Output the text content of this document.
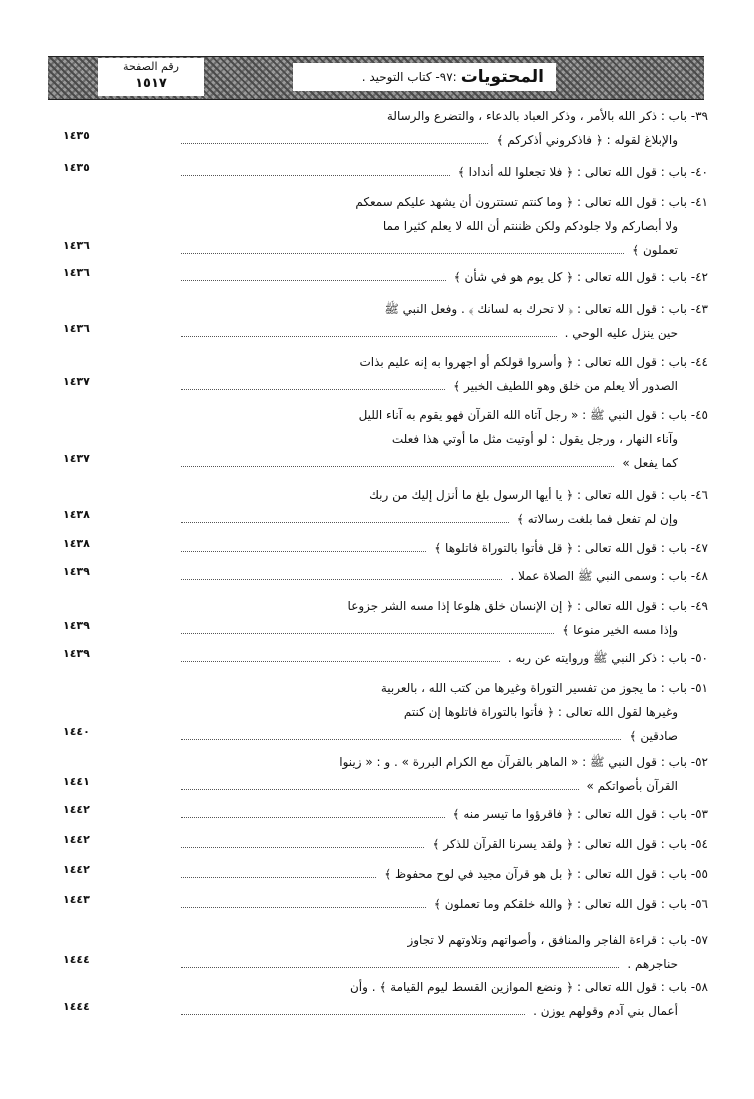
المحتويات
:٩٧- كتاب التوحيد .
رقم الصفحة
١٥١٧
٣٩- باب : ذكر الله بالأمر ، وذكر العباد بالدعاء ، والتضرع والرسالة
والإبلاغ لقوله : ﴿ فاذكروني أذكركم ﴾
١٤٣٥
٤٠- باب : قول الله تعالى : ﴿ فلا تجعلوا لله أندادا ﴾
١٤٣٥
٤١- باب : قول الله تعالى : ﴿ وما كنتم تستترون أن يشهد عليكم سمعكم
ولا أبصاركم ولا جلودكم ولكن ظننتم أن الله لا يعلم كثيرا مما
تعملون ﴾
١٤٣٦
٤٢- باب : قول الله تعالى : ﴿ كل يوم هو في شأن ﴾
١٤٣٦
٤٣- باب : قول الله تعالى : ﴿ لا تحرك به لسانك ﴾ . وفعل النبي ﷺ
حين ينزل عليه الوحي .
١٤٣٦
٤٤- باب : قول الله تعالى : ﴿ وأسروا قولكم أو اجهروا به إنه عليم بذات
الصدور ألا يعلم من خلق وهو اللطيف الخبير ﴾
١٤٣٧
٤٥- باب : قول النبي ﷺ : « رجل آتاه الله القرآن فهو يقوم به آناء الليل
وآناء النهار ، ورجل يقول : لو أوتيت مثل ما أوتي هذا فعلت
كما يفعل »
١٤٣٧
٤٦- باب : قول الله تعالى : ﴿ يا أيها الرسول بلغ ما أنزل إليك من ربك
وإن لم تفعل فما بلغت رسالاته ﴾
١٤٣٨
٤٧- باب : قول الله تعالى : ﴿ قل فأتوا بالتوراة فاتلوها ﴾
١٤٣٨
٤٨- باب : وسمى النبي ﷺ الصلاة عملا .
١٤٣٩
٤٩- باب : قول الله تعالى : ﴿ إن الإنسان خلق هلوعا إذا مسه الشر جزوعا
وإذا مسه الخير منوعا ﴾
١٤٣٩
٥٠- باب : ذكر النبي ﷺ وروايته عن ربه .
١٤٣٩
٥١- باب : ما يجوز من تفسير التوراة وغيرها من كتب الله ، بالعربية
وغيرها لقول الله تعالى : ﴿ فأتوا بالتوراة فاتلوها إن كنتم
صادقين ﴾
١٤٤٠
٥٢- باب : قول النبي ﷺ : « الماهر بالقرآن مع الكرام البررة » . و : « زينوا
القرآن بأصواتكم »
١٤٤١
٥٣- باب : قول الله تعالى : ﴿ فاقرؤوا ما تيسر منه ﴾
١٤٤٢
٥٤- باب : قول الله تعالى : ﴿ ولقد يسرنا القرآن للذكر ﴾
١٤٤٢
٥٥- باب : قول الله تعالى : ﴿ بل هو قرآن مجيد في لوح محفوظ ﴾
١٤٤٢
٥٦- باب : قول الله تعالى : ﴿ والله خلقكم وما تعملون ﴾
١٤٤٣
٥٧- باب : قراءة الفاجر والمنافق ، وأصواتهم وتلاوتهم لا تجاوز
حناجرهم .
١٤٤٤
٥٨- باب : قول الله تعالى : ﴿ ونضع الموازين القسط ليوم القيامة ﴾ . وأن
أعمال بني آدم وقولهم يوزن .
١٤٤٤
